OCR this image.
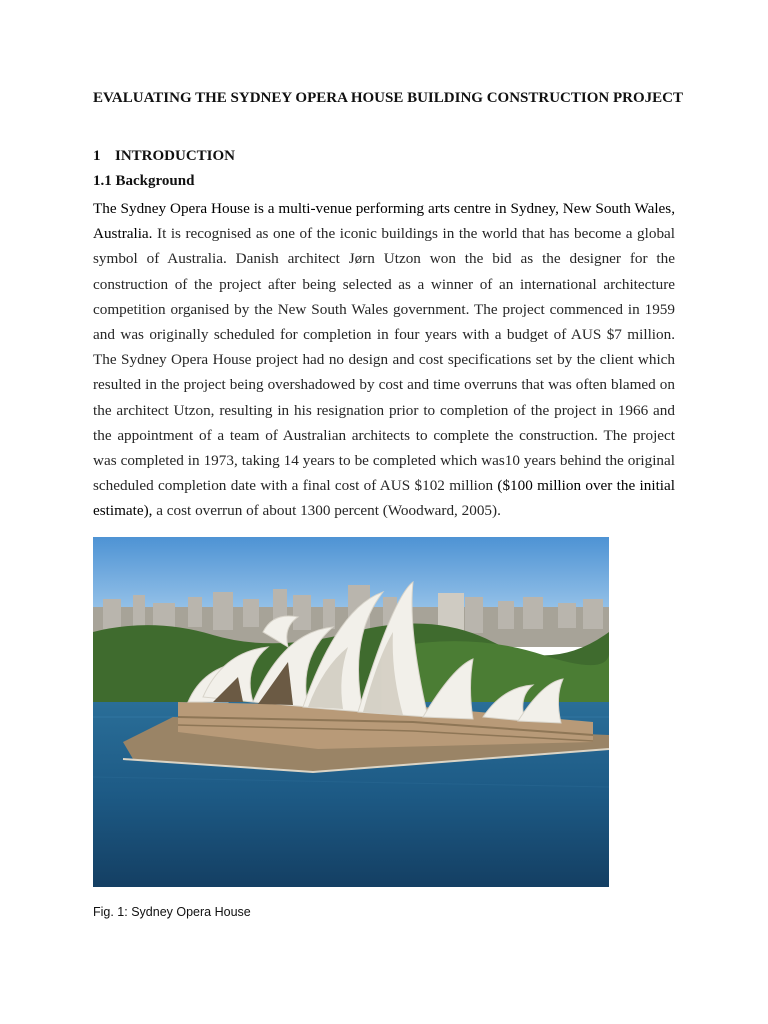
EVALUATING THE SYDNEY OPERA HOUSE BUILDING CONSTRUCTION PROJECT
1 INTRODUCTION
1.1 Background

The Sydney Opera House is a multi-venue performing arts centre in Sydney, New South Wales, Australia. It is recognised as one of the iconic buildings in the world that has become a global symbol of Australia. Danish architect Jørn Utzon won the bid as the designer for the construction of the project after being selected as a winner of an international architecture competition organised by the New South Wales government. The project commenced in 1959 and was originally scheduled for completion in four years with a budget of AUS $7 million. The Sydney Opera House project had no design and cost specifications set by the client which resulted in the project being overshadowed by cost and time overruns that was often blamed on the architect Utzon, resulting in his resignation prior to completion of the project in 1966 and the appointment of a team of Australian architects to complete the construction. The project was completed in 1973, taking 14 years to be completed which was10 years behind the original scheduled completion date with a final cost of AUS $102 million ($100 million over the initial estimate), a cost overrun of about 1300 percent (Woodward, 2005).

Fig. 1: Sydney Opera House
